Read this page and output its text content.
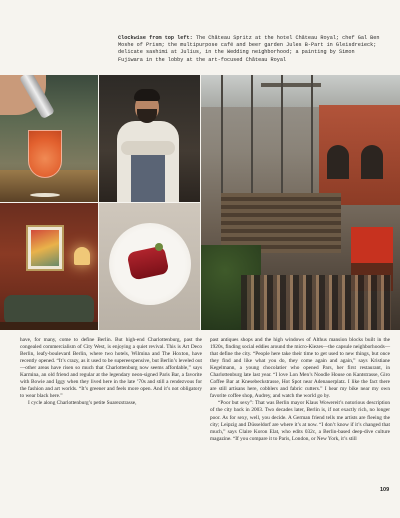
Clockwise from top left: The Château Spritz at the hotel Château Royal; chef Gal Ben Moshe of Prism; the multipurpose café and beer garden Jules B-Part in Gleisdreieck; delicate sashimi at Julius, in the Wedding neighborhood; a painting by Simon Fujiwara in the lobby at the art-focused Château Royal

have, for many, come to define Berlin. But high-end Charlottenburg, past the congealed commercialism of City West, is enjoying a quiet revival. This is Art Deco Berlin, leafy-boulevard Berlin, where two hotels, Wilmina and The Hoxton, have recently opened. “It’s crazy, as it used to be supereexpensive, but Berlin’s leveled out—other areas have risen so much that Charlottenburg now seems affordable,” says Karmina, an old friend and regular at the legendary neon-signed Paris Bar, a favorite with Bowie and Iggy when they lived here in the late ’70s and still a rendezvous for the fashion and art worlds. “It’s greener and feels more open. And it’s not obligatory to wear black here.”

I cycle along Charlottenburg’s petite Suarezstrasse,

past antiques shops and the high windows of Althus mansion blocks built in the 1920s, finding social eddies around the micro-Kiezes—the capsule neighborhoods—that define the city. “People here take their time to get used to new things, but once they find and like what you do, they come again and again,” says Kristiane Kegelmann, a young chocolatier who opened Pars, her first restaurant, in Charlottenburg late last year. “I love Lon Men’s Noodle House on Kantstrasse, Giro Coffee Bar at Knesebeckstrasse, Hot Spot near Adenauerplatz. I like the fact there are still artisans here, cobblers and fabric cutters.” I hear my bike near my own favorite coffee shop, Audrey, and watch the world go by.

“Poor but sexy”: That was Berlin mayor Klaus Wowereit’s notorious description of the city back in 2003. Two decades later, Berlin is, if not exactly rich, no longer poor. As for sexy, well, you decide. A German friend tells me artists are fleeing the city; Leipzig and Düsseldorf are where it’s at now. “I don’t know if it’s changed that much,” says Claire Koron Elat, who edits 032c, a Berlin-based deep-dive culture magazine. “If you compare it to Paris, London, or New York, it’s still

109
